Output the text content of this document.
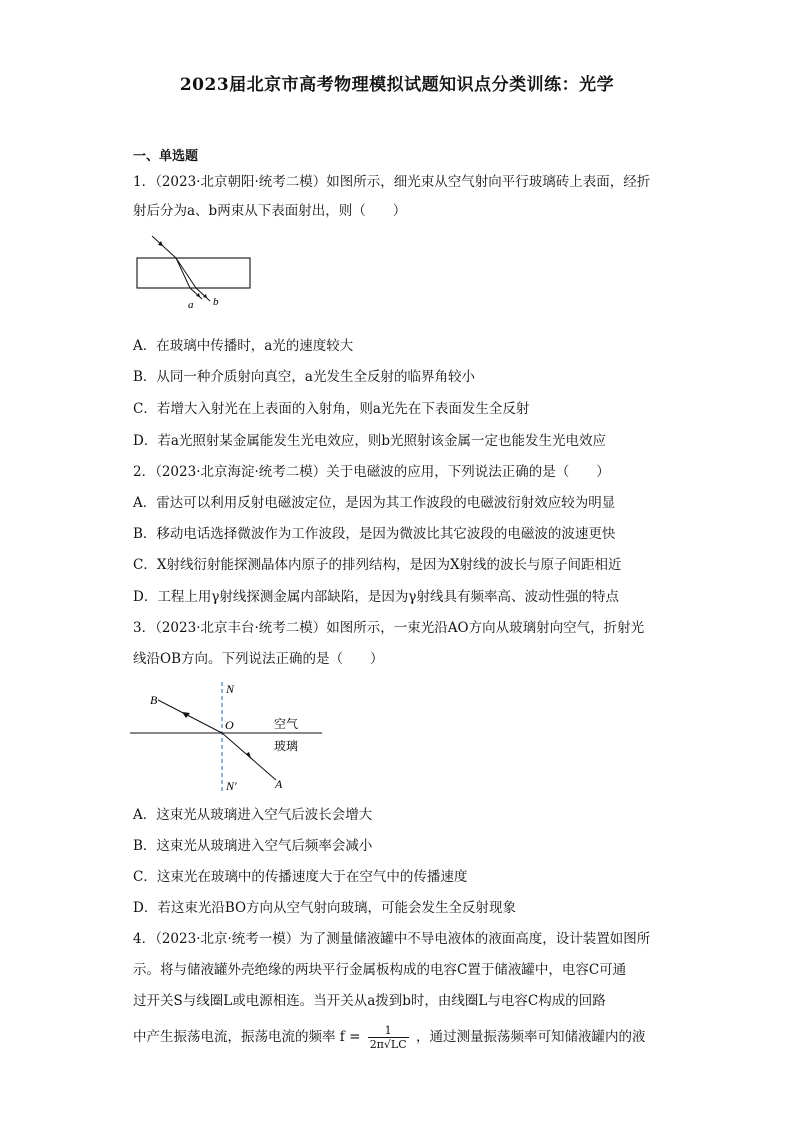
2023届北京市高考物理模拟试题知识点分类训练：光学
一、单选题
1．（2023·北京朝阳·统考二模）如图所示，细光束从空气射向平行玻璃砖上表面，经折
射后分为a、b两束从下表面射出，则（　　）
a b
A．在玻璃中传播时，a光的速度较大
B．从同一种介质射向真空，a光发生全反射的临界角较小
C．若增大入射光在上表面的入射角，则a光先在下表面发生全反射
D．若a光照射某金属能发生光电效应，则b光照射该金属一定也能发生光电效应
2．（2023·北京海淀·统考二模）关于电磁波的应用，下列说法正确的是（　　）
A．雷达可以利用反射电磁波定位，是因为其工作波段的电磁波衍射效应较为明显
B．移动电话选择微波作为工作波段，是因为微波比其它波段的电磁波的波速更快
C．X射线衍射能探测晶体内原子的排列结构，是因为X射线的波长与原子间距相近
D．工程上用γ射线探测金属内部缺陷，是因为γ射线具有频率高、波动性强的特点
3．（2023·北京丰台·统考二模）如图所示，一束光沿AO方向从玻璃射向空气，折射光
线沿OB方向。下列说法正确的是（　　）
N
B
O	空气
玻璃
N′	A
A．这束光从玻璃进入空气后波长会增大
B．这束光从玻璃进入空气后频率会减小
C．这束光在玻璃中的传播速度大于在空气中的传播速度
D．若这束光沿BO方向从空气射向玻璃，可能会发生全反射现象
4．（2023·北京·统考一模）为了测量储液罐中不导电液体的液面高度，设计装置如图所
示。将与储液罐外壳绝缘的两块平行金属板构成的电容C置于储液罐中，电容C可通
过开关S与线圈L或电源相连。当开关从a拨到b时，由线圈L与电容C构成的回路
中产生振荡电流，振荡电流的频率 $f = \frac{1}{2\pi√LC}$ ，通过测量振荡频率可知储液罐内的液
